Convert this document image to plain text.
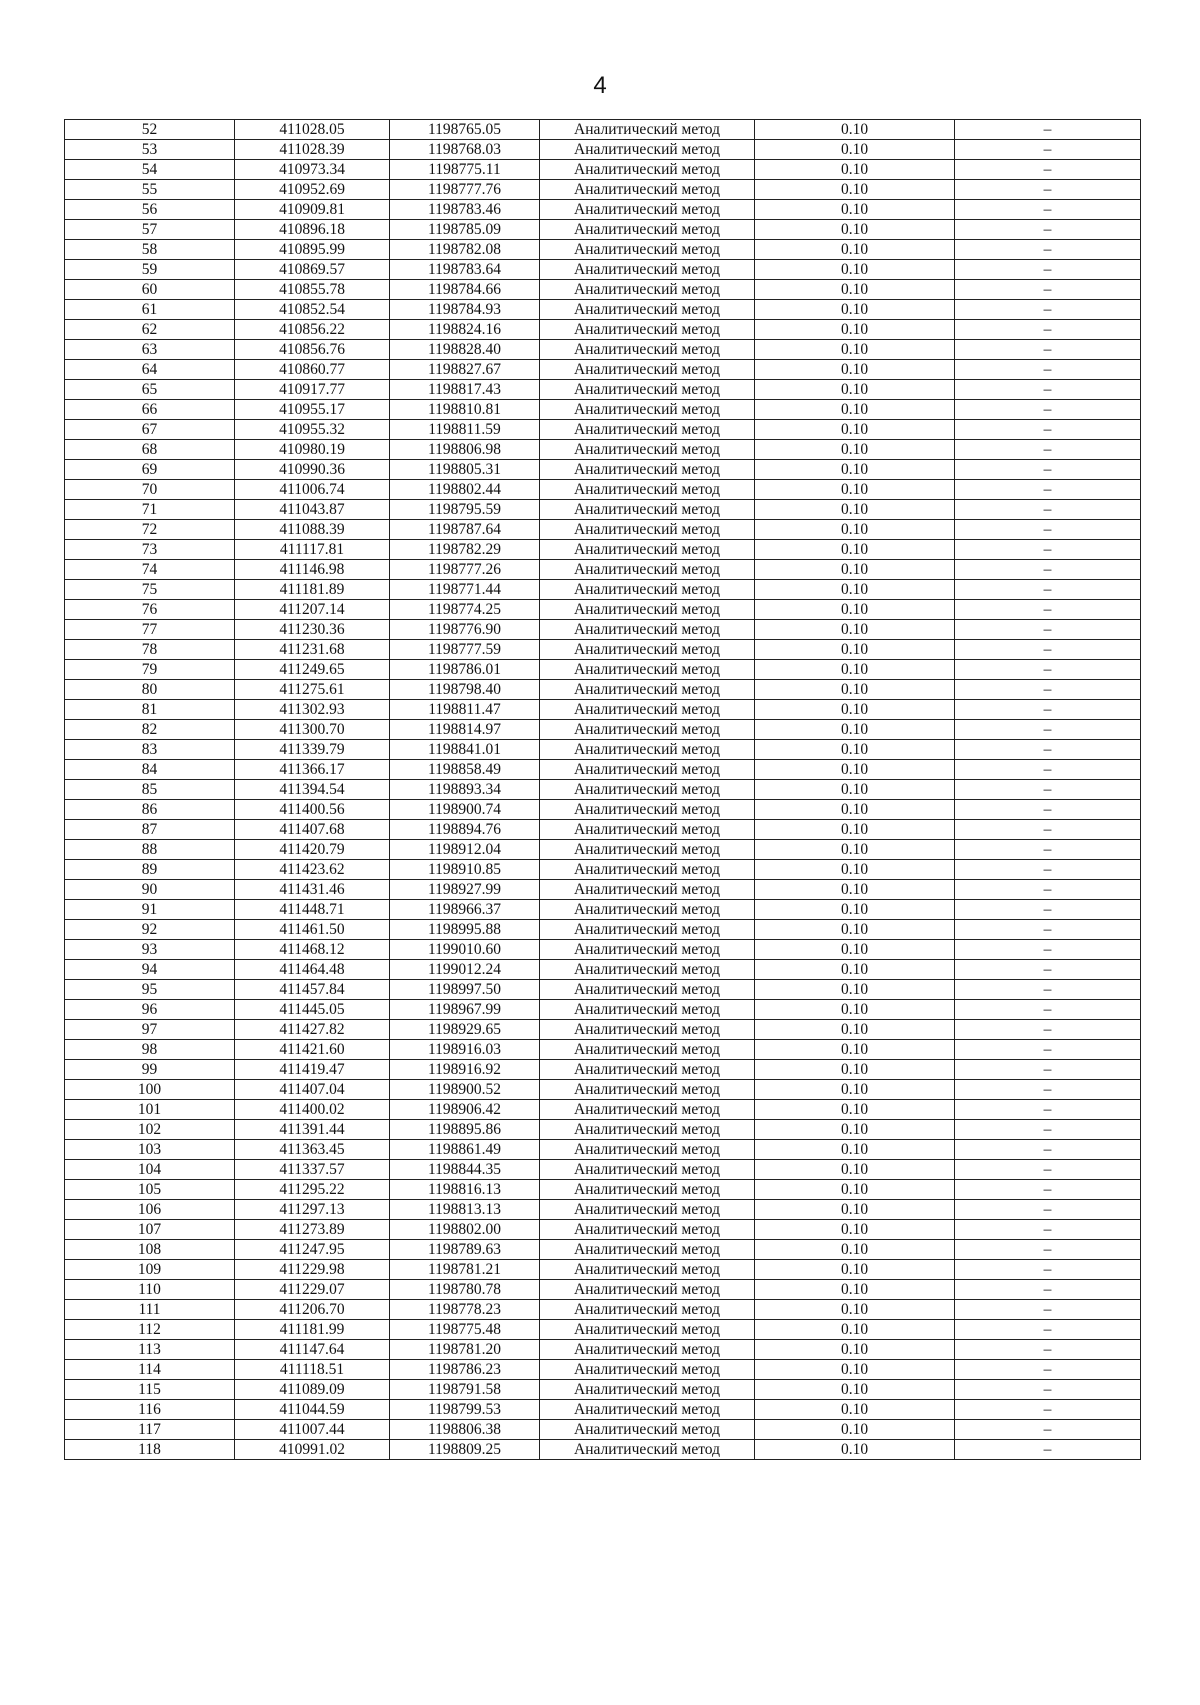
4
52	411028.05	1198765.05	Аналитический метод	0.10	–
53	411028.39	1198768.03	Аналитический метод	0.10	–
54	410973.34	1198775.11	Аналитический метод	0.10	–
55	410952.69	1198777.76	Аналитический метод	0.10	–
56	410909.81	1198783.46	Аналитический метод	0.10	–
57	410896.18	1198785.09	Аналитический метод	0.10	–
58	410895.99	1198782.08	Аналитический метод	0.10	–
59	410869.57	1198783.64	Аналитический метод	0.10	–
60	410855.78	1198784.66	Аналитический метод	0.10	–
61	410852.54	1198784.93	Аналитический метод	0.10	–
62	410856.22	1198824.16	Аналитический метод	0.10	–
63	410856.76	1198828.40	Аналитический метод	0.10	–
64	410860.77	1198827.67	Аналитический метод	0.10	–
65	410917.77	1198817.43	Аналитический метод	0.10	–
66	410955.17	1198810.81	Аналитический метод	0.10	–
67	410955.32	1198811.59	Аналитический метод	0.10	–
68	410980.19	1198806.98	Аналитический метод	0.10	–
69	410990.36	1198805.31	Аналитический метод	0.10	–
70	411006.74	1198802.44	Аналитический метод	0.10	–
71	411043.87	1198795.59	Аналитический метод	0.10	–
72	411088.39	1198787.64	Аналитический метод	0.10	–
73	411117.81	1198782.29	Аналитический метод	0.10	–
74	411146.98	1198777.26	Аналитический метод	0.10	–
75	411181.89	1198771.44	Аналитический метод	0.10	–
76	411207.14	1198774.25	Аналитический метод	0.10	–
77	411230.36	1198776.90	Аналитический метод	0.10	–
78	411231.68	1198777.59	Аналитический метод	0.10	–
79	411249.65	1198786.01	Аналитический метод	0.10	–
80	411275.61	1198798.40	Аналитический метод	0.10	–
81	411302.93	1198811.47	Аналитический метод	0.10	–
82	411300.70	1198814.97	Аналитический метод	0.10	–
83	411339.79	1198841.01	Аналитический метод	0.10	–
84	411366.17	1198858.49	Аналитический метод	0.10	–
85	411394.54	1198893.34	Аналитический метод	0.10	–
86	411400.56	1198900.74	Аналитический метод	0.10	–
87	411407.68	1198894.76	Аналитический метод	0.10	–
88	411420.79	1198912.04	Аналитический метод	0.10	–
89	411423.62	1198910.85	Аналитический метод	0.10	–
90	411431.46	1198927.99	Аналитический метод	0.10	–
91	411448.71	1198966.37	Аналитический метод	0.10	–
92	411461.50	1198995.88	Аналитический метод	0.10	–
93	411468.12	1199010.60	Аналитический метод	0.10	–
94	411464.48	1199012.24	Аналитический метод	0.10	–
95	411457.84	1198997.50	Аналитический метод	0.10	–
96	411445.05	1198967.99	Аналитический метод	0.10	–
97	411427.82	1198929.65	Аналитический метод	0.10	–
98	411421.60	1198916.03	Аналитический метод	0.10	–
99	411419.47	1198916.92	Аналитический метод	0.10	–
100	411407.04	1198900.52	Аналитический метод	0.10	–
101	411400.02	1198906.42	Аналитический метод	0.10	–
102	411391.44	1198895.86	Аналитический метод	0.10	–
103	411363.45	1198861.49	Аналитический метод	0.10	–
104	411337.57	1198844.35	Аналитический метод	0.10	–
105	411295.22	1198816.13	Аналитический метод	0.10	–
106	411297.13	1198813.13	Аналитический метод	0.10	–
107	411273.89	1198802.00	Аналитический метод	0.10	–
108	411247.95	1198789.63	Аналитический метод	0.10	–
109	411229.98	1198781.21	Аналитический метод	0.10	–
110	411229.07	1198780.78	Аналитический метод	0.10	–
111	411206.70	1198778.23	Аналитический метод	0.10	–
112	411181.99	1198775.48	Аналитический метод	0.10	–
113	411147.64	1198781.20	Аналитический метод	0.10	–
114	411118.51	1198786.23	Аналитический метод	0.10	–
115	411089.09	1198791.58	Аналитический метод	0.10	–
116	411044.59	1198799.53	Аналитический метод	0.10	–
117	411007.44	1198806.38	Аналитический метод	0.10	–
118	410991.02	1198809.25	Аналитический метод	0.10	–
